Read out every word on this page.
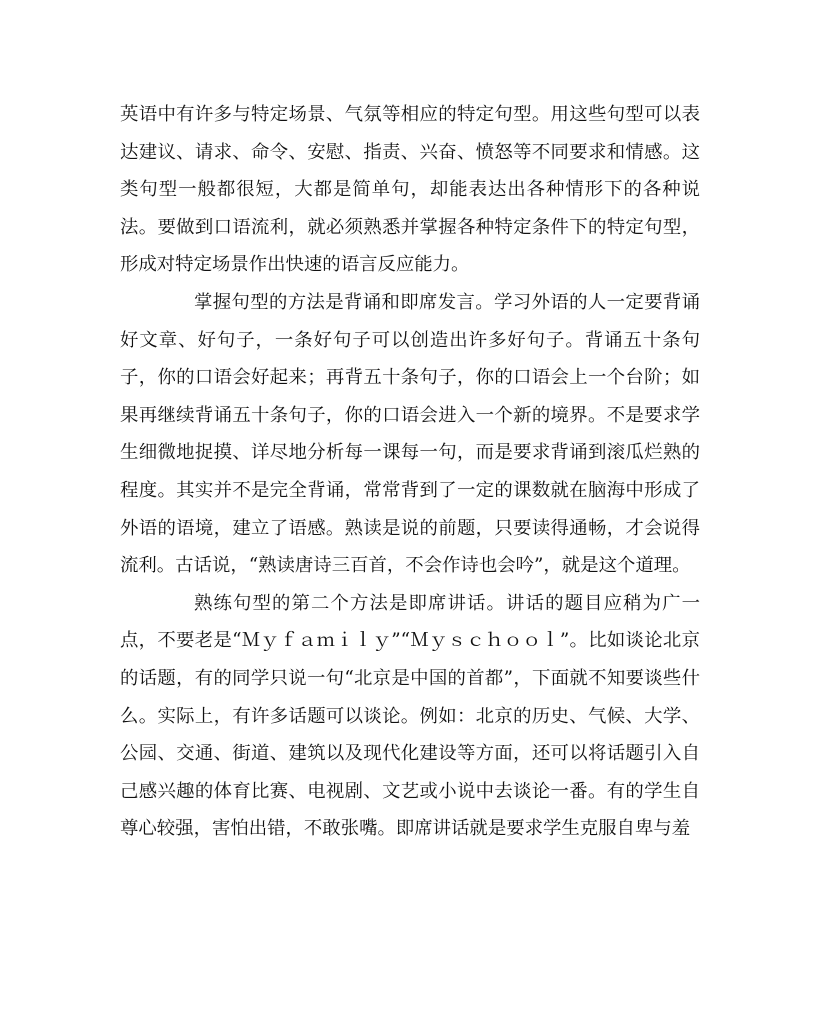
英语中有许多与特定场景、气氛等相应的特定句型。用这些句型可以表达建议、请求、命令、安慰、指责、兴奋、愤怒等不同要求和情感。这类句型一般都很短，大都是简单句，却能表达出各种情形下的各种说法。要做到口语流利，就必须熟悉并掌握各种特定条件下的特定句型，形成对特定场景作出快速的语言反应能力。

掌握句型的方法是背诵和即席发言。学习外语的人一定要背诵好文章、好句子，一条好句子可以创造出许多好句子。背诵五十条句子，你的口语会好起来；再背五十条句子，你的口语会上一个台阶；如果再继续背诵五十条句子，你的口语会进入一个新的境界。不是要求学生细微地捉摸、详尽地分析每一课每一句，而是要求背诵到滚瓜烂熟的程度。其实并不是完全背诵，常常背到了一定的课数就在脑海中形成了外语的语境，建立了语感。熟读是说的前题，只要读得通畅，才会说得流利。古话说，“熟读唐诗三百首，不会作诗也会吟”，就是这个道理。

熟练句型的第二个方法是即席讲话。讲话的题目应稍为广一点，不要老是“Ｍｙｆａｍｉｌｙ”“Ｍｙｓｃｈｏｏｌ”。比如谈论北京的话题，有的同学只说一句“北京是中国的首都”，下面就不知要谈些什么。实际上，有许多话题可以谈论。例如：北京的历史、气候、大学、公园、交通、街道、建筑以及现代化建设等方面，还可以将话题引入自己感兴趣的体育比赛、电视剧、文艺或小说中去谈论一番。有的学生自尊心较强，害怕出错，不敢张嘴。即席讲话就是要求学生克服自卑与羞
